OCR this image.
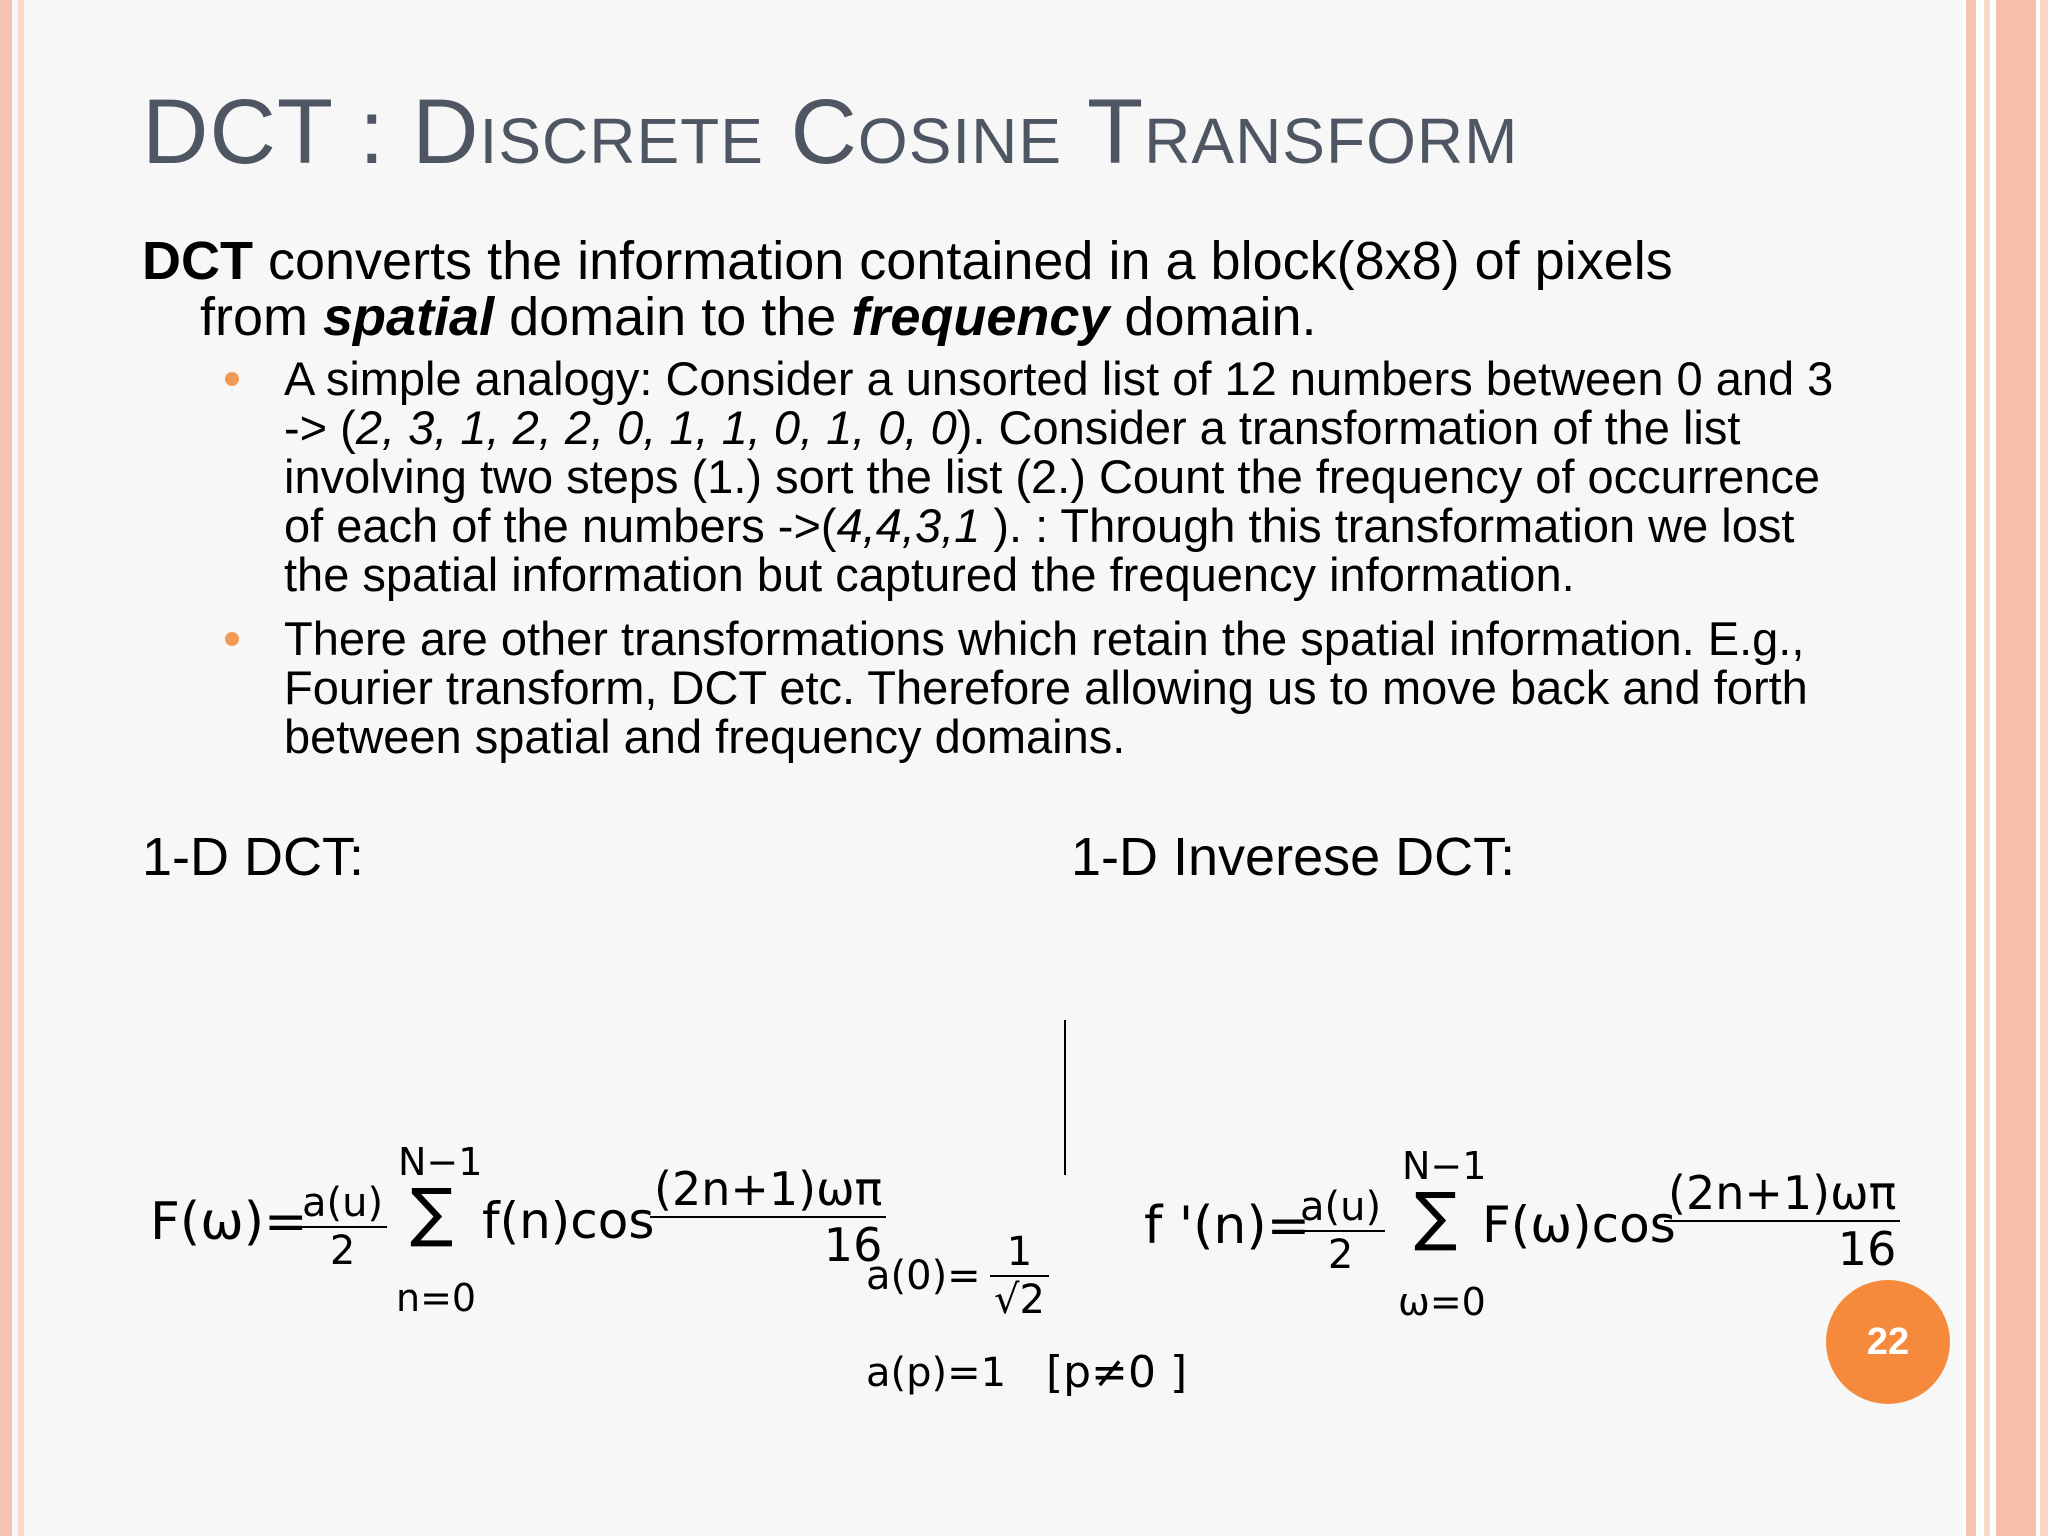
DCT : Discrete Cosine Transform
DCT converts the information contained in a block(8x8) of pixels
from spatial domain to the frequency domain.
A simple analogy: Consider a unsorted list of 12 numbers between 0 and 3 -> (2, 3, 1, 2, 2, 0, 1, 1, 0, 1, 0, 0). Consider a transformation of the list involving two steps (1.) sort the list (2.) Count the frequency of occurrence of each of the numbers ->(4,4,3,1 ). : Through this transformation we lost the spatial information but captured the frequency information.
There are other transformations which retain the spatial information. E.g., Fourier transform, DCT etc. Therefore allowing us to move back and forth between spatial and frequency domains.
1-D DCT:	1-D Inverese DCT:
F(ω)=
$\frac{a(u)}{2}$
N−1
∑
n=0
f(n)cos
$\frac{(2n+1)\omega\pi}{16}$
$a(0)= \frac{1}{√2}$
a(p)=1 [p≠0 ]
f '(n)=
$\frac{a(u)}{2}$
N−1
∑
ω=0
F(ω)cos
$\frac{(2n+1)\omega\pi}{16}$
22
